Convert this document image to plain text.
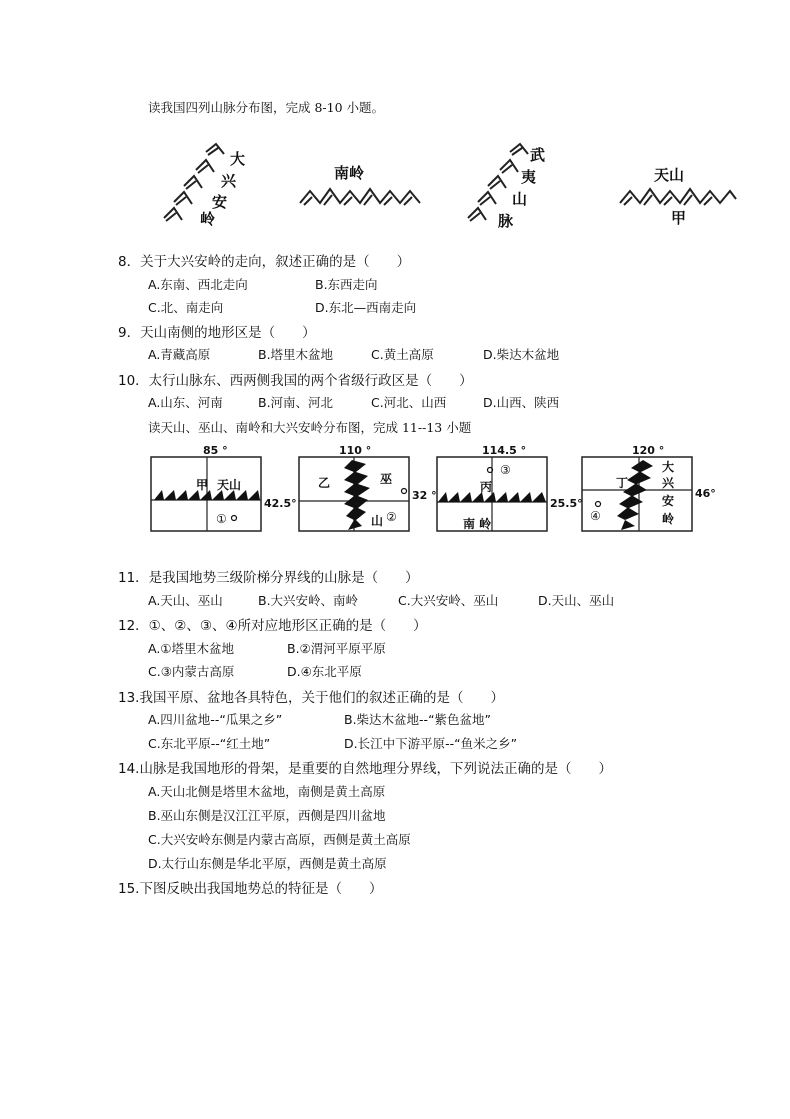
读我国四列山脉分布图，完成 8-10 小题。
大
兴
安
岭
南岭
武
夷
山
脉
天山
甲
8．关于大兴安岭的走向，叙述正确的是（　　）
A.东南、西北走向	B.东西走向
C.北、南走向	D.东北—西南走向
9．天山南侧的地形区是（　　）
A.青藏高原	B.塔里木盆地	C.黄土高原	D.柴达木盆地
10．太行山脉东、西两侧我国的两个省级行政区是（　　）
A.山东、河南	B.河南、河北	C.河北、山西	D.山西、陕西
读天山、巫山、南岭和大兴安岭分布图，完成 11--13 小题
85 °
甲 天山
①
42.5°
110 °
乙	巫
山 ②
32 °
114.5 °
③
丙
南 岭
25.5°
120 °
丁
大
兴
安
岭
④
46°
11．是我国地势三级阶梯分界线的山脉是（　　）
A.天山、巫山	B.大兴安岭、南岭	C.大兴安岭、巫山	D.天山、巫山
12．①、②、③、④所对应地形区正确的是（　　）
A.①塔里木盆地	B.②渭河平原平原
C.③内蒙古高原	D.④东北平原
13.我国平原、盆地各具特色，关于他们的叙述正确的是（　　）
A.四川盆地--“瓜果之乡”	B.柴达木盆地--“紫色盆地”
C.东北平原--“红土地”	D.长江中下游平原--“鱼米之乡”
14.山脉是我国地形的骨架，是重要的自然地理分界线，下列说法正确的是（　　）
A.天山北侧是塔里木盆地，南侧是黄土高原
B.巫山东侧是汉江江平原，西侧是四川盆地
C.大兴安岭东侧是内蒙古高原，西侧是黄土高原
D.太行山东侧是华北平原，西侧是黄土高原
15.下图反映出我国地势总的特征是（　　）
